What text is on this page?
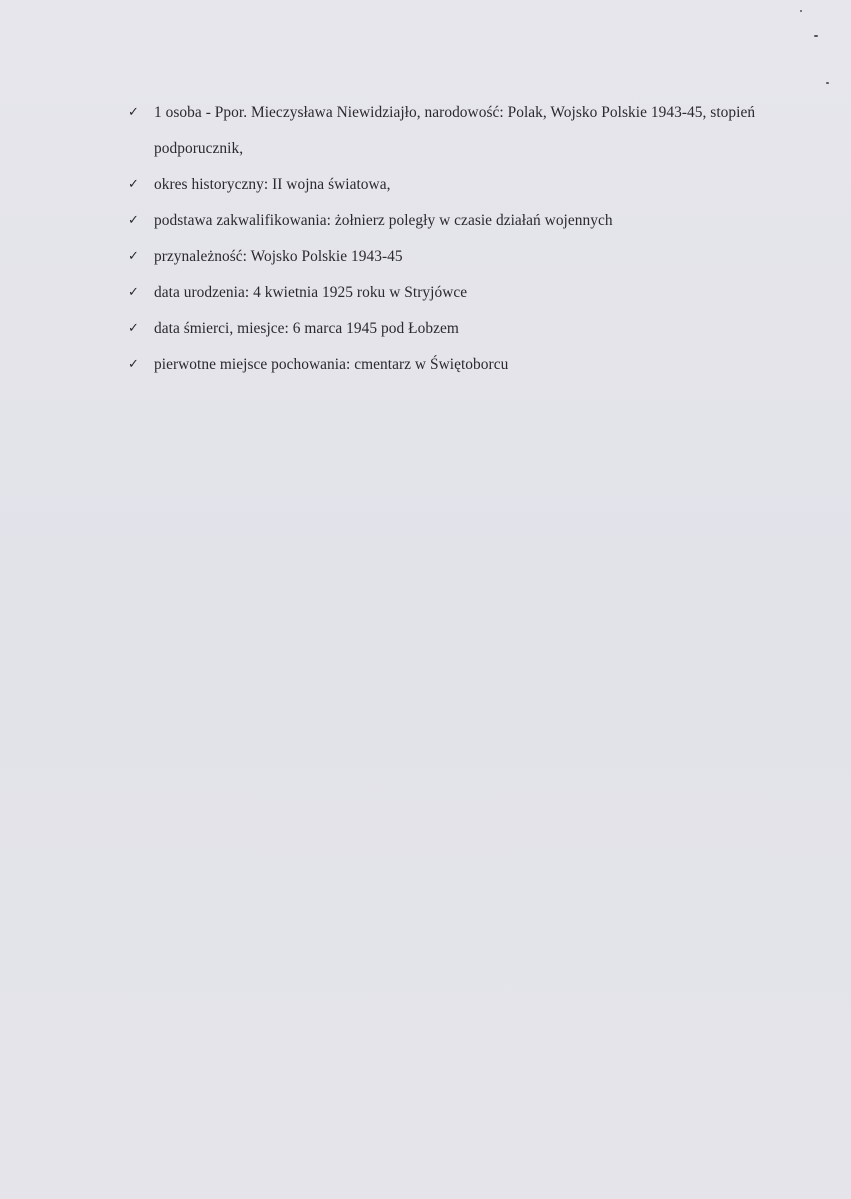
✓ 1 osoba - Ppor. Mieczysława Niewidziajło, narodowość: Polak, Wojsko Polskie 1943-45, stopień podporucznik,
✓ okres historyczny: II wojna światowa,
✓ podstawa zakwalifikowania: żołnierz poległy w czasie działań wojennych
✓ przynależność: Wojsko Polskie 1943-45
✓ data urodzenia: 4 kwietnia 1925 roku w Stryjówce
✓ data śmierci, miesjce: 6 marca 1945 pod Łobzem
✓ pierwotne miejsce pochowania: cmentarz w Świętoborcu
